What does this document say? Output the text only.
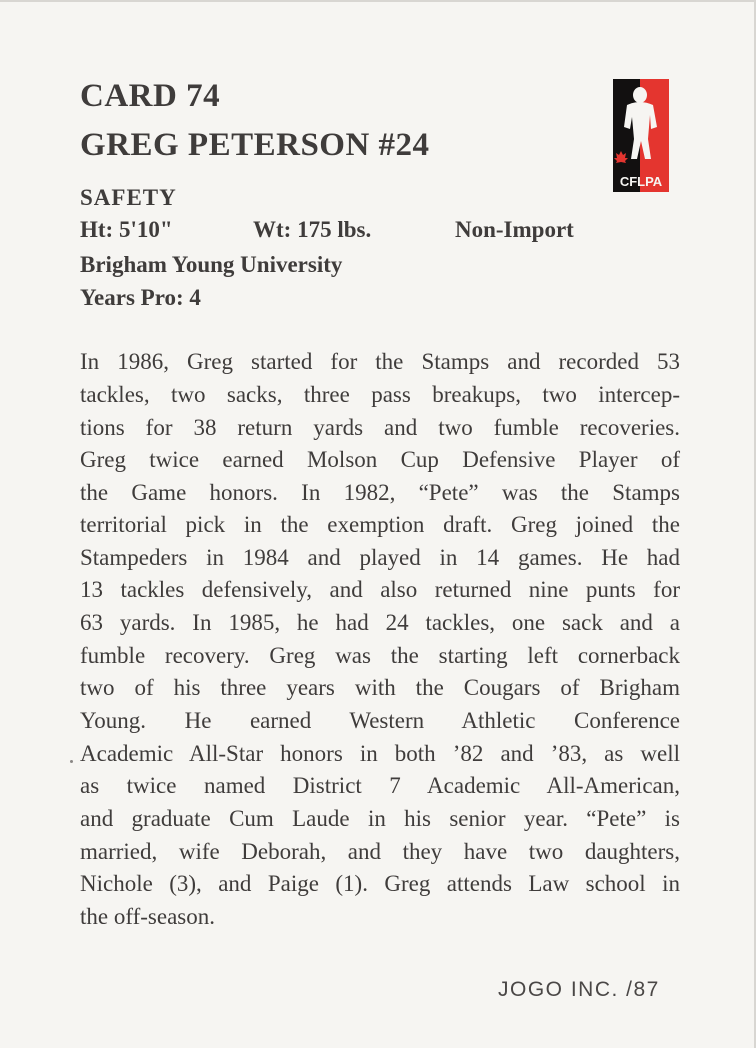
CARD 74
GREG PETERSON #24
SAFETY
Ht: 5'10"	Wt: 175 lbs.	Non-Import
Brigham Young University
Years Pro: 4
CFLPA
In 1986, Greg started for the Stamps and recorded 53
tackles, two sacks, three pass breakups, two intercep-
tions for 38 return yards and two fumble recoveries.
Greg twice earned Molson Cup Defensive Player of
the Game honors. In 1982, “Pete” was the Stamps
territorial pick in the exemption draft. Greg joined the
Stampeders in 1984 and played in 14 games. He had
13 tackles defensively, and also returned nine punts for
63 yards. In 1985, he had 24 tackles, one sack and a
fumble recovery. Greg was the starting left cornerback
two of his three years with the Cougars of Brigham
Young. He earned Western Athletic Conference
Academic All-Star honors in both ’82 and ’83, as well
as twice named District 7 Academic All-American,
and graduate Cum Laude in his senior year. “Pete” is
married, wife Deborah, and they have two daughters,
Nichole (3), and Paige (1). Greg attends Law school in
the off-season.
JOGO INC. /87
